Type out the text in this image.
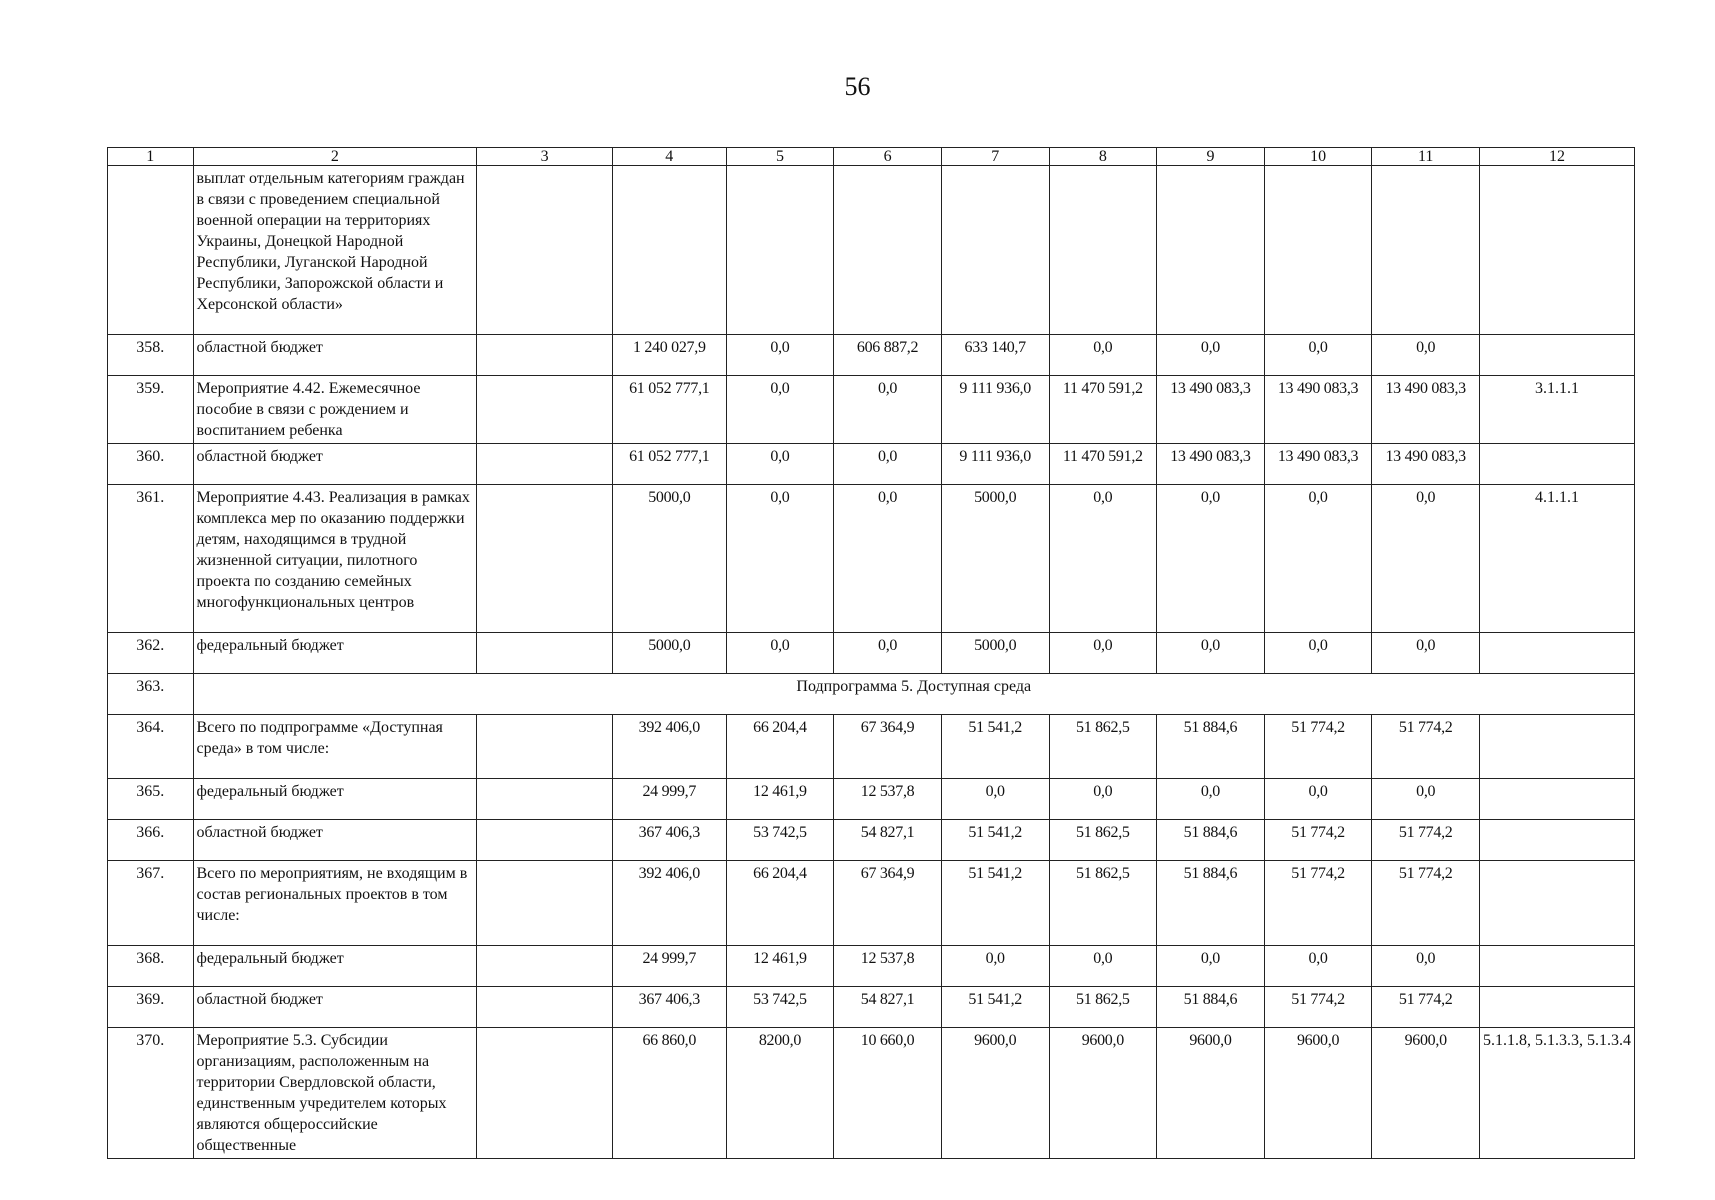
56
1	2	3	4	5	6	7	8	9	10	11	12
	выплат отдельным категориям граждан в связи с проведением специальной военной операции на территориях Украины, Донецкой Народной Республики, Луганской Народной Республики, Запорожской области и Херсонской области»										
358.	областной бюджет		1 240 027,9	0,0	606 887,2	633 140,7	0,0	0,0	0,0	0,0	
359.	Мероприятие 4.42. Ежемесячное пособие в связи с рождением и воспитанием ребенка		61 052 777,1	0,0	0,0	9 111 936,0	11 470 591,2	13 490 083,3	13 490 083,3	13 490 083,3	3.1.1.1
360.	областной бюджет		61 052 777,1	0,0	0,0	9 111 936,0	11 470 591,2	13 490 083,3	13 490 083,3	13 490 083,3	
361.	Мероприятие 4.43. Реализация в рамках комплекса мер по оказанию поддержки детям, находящимся в трудной жизненной ситуации, пилотного проекта по созданию семейных многофункциональных центров		5000,0	0,0	0,0	5000,0	0,0	0,0	0,0	0,0	4.1.1.1
362.	федеральный бюджет		5000,0	0,0	0,0	5000,0	0,0	0,0	0,0	0,0	
363.	Подпрограмма 5. Доступная среда										
364.	Всего по подпрограмме «Доступная среда» в том числе:		392 406,0	66 204,4	67 364,9	51 541,2	51 862,5	51 884,6	51 774,2	51 774,2	
365.	федеральный бюджет		24 999,7	12 461,9	12 537,8	0,0	0,0	0,0	0,0	0,0	
366.	областной бюджет		367 406,3	53 742,5	54 827,1	51 541,2	51 862,5	51 884,6	51 774,2	51 774,2	
367.	Всего по мероприятиям, не входящим в состав региональных проектов в том числе:		392 406,0	66 204,4	67 364,9	51 541,2	51 862,5	51 884,6	51 774,2	51 774,2	
368.	федеральный бюджет		24 999,7	12 461,9	12 537,8	0,0	0,0	0,0	0,0	0,0	
369.	областной бюджет		367 406,3	53 742,5	54 827,1	51 541,2	51 862,5	51 884,6	51 774,2	51 774,2	
370.	Мероприятие 5.3. Субсидии организациям, расположенным на территории Свердловской области, единственным учредителем которых являются общероссийские общественные		66 860,0	8200,0	10 660,0	9600,0	9600,0	9600,0	9600,0	9600,0	5.1.1.8, 5.1.3.3, 5.1.3.4
